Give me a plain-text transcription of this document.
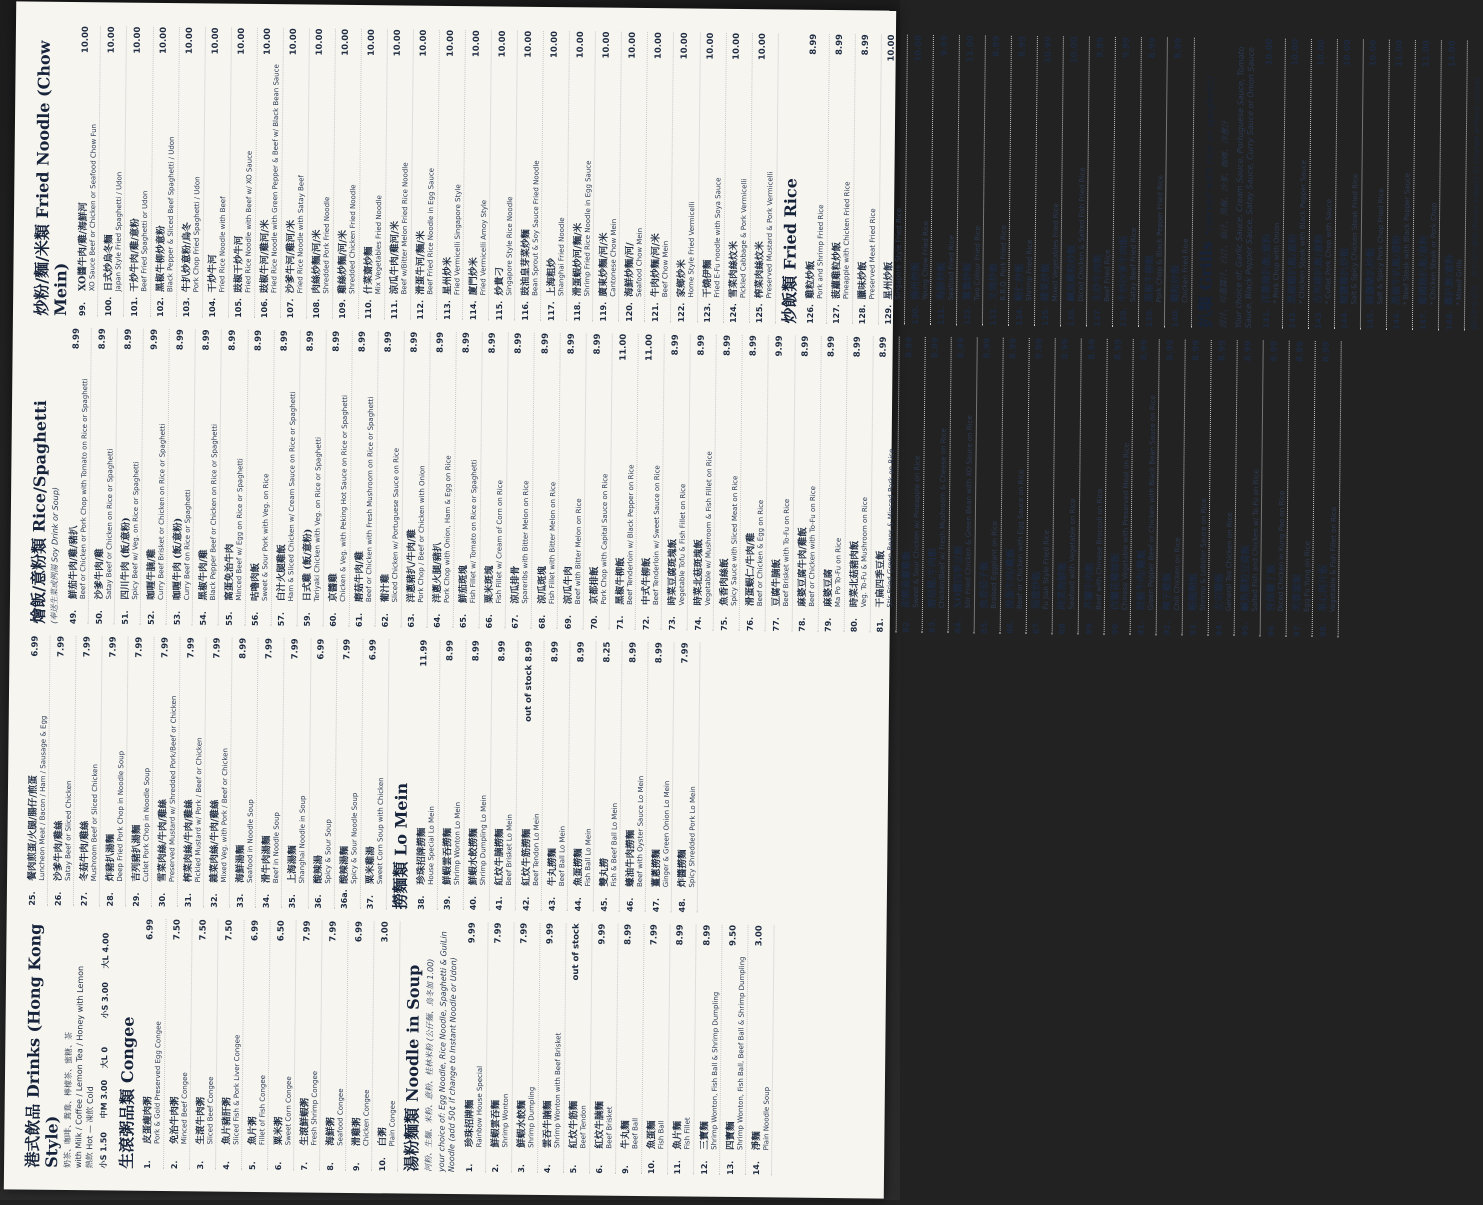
港式飲品 Drinks (Hong Kong Style) 奶茶、咖啡、鴛鴦、檸檬茶、蜜糖、茶 with Milk / Coffee / Lemon Tea / Honey with Lemon 熱飲 Hot — 凍飲 Cold
小S 1.50
中M 3.00
大L 0
小S 3.00
大L 4.00
生滾粥品類 Congee 1.
皮蛋瘦肉粥
6.99
Pork & Gold Preserved Egg Congee
2.
免治牛肉粥
7.50
Minced Beef Congee
3.
生滾牛肉粥
7.50
Sliced Beef Congee
4.
魚片豬肝粥
7.50
Sliced Fish & Pork Liver Congee
5.
魚片粥
6.99
Fillet of Fish Congee
6.
粟米粥
6.50
Sweet Corn Congee
7.
生滾鮮蝦粥
7.99
Fresh Shrimp Congee
8.
海鮮粥
7.99
Seafood Congee
9.
滑雞粥
6.99
Chicken Congee
10.
白粥
3.00
Plain Congee 湯粉麵類 Noodle in Soup 河粉、生麵、米粉、意粉、桂林米粉 (公仔麵、烏冬加 1.00) your choice of: Egg Noodle, Rice Noodle, Spaghetti & GuiLin Noodle (add 50¢ if change to Instant Noodle or Udon) 1.
珍珠招牌麵
9.99
Rainbow House Special
2.
鮮蝦雲吞麵
7.99
Shrimp Wonton
3.
鮮蝦水餃麵
7.99
Shrimp Dumpling
4.
雲吞牛腩麵
9.99
Shrimp Wonton with Beef Brisket
5.
紅炆牛筋麵
out of stock
Beef Tendon
6.
紅炆牛腩麵
9.99
Beef Brisket
9.
牛丸麵
8.99
Beef Ball
10.
魚蛋麵
7.99
Fish Ball
11.
魚片麵
8.99
Fish Fillet
12.
三寶麵
8.99
Shrimp Wonton, Fish Ball & Shrimp Dumpling
13.
四寶麵
9.50
Shrimp Wonton, Fish Ball, Beef Ball & Shrimp Dumpling
14.
淨麵
3.00
Plain Noodle Soup
25.
餐肉煎蛋/火腿/腸仔/煎蛋
6.99
Luncheon Meat / Bacon / Ham / Sausage & Egg
26.
沙爹牛肉/雞絲
7.99
Satay Beef or Sliced Chicken
27.
冬菇牛肉/雞絲
7.99
Mushroom Beef or Sliced Chicken
28.
炸豬扒湯麵
7.99
Deep Fried Pork Chop in Noodle Soup
29.
吉列豬扒湯麵
7.99
Cutlet Pork Chop in Noodle Soup
30.
雪菜肉絲/牛肉/雞絲
7.99
Preserved Mustard w/ Shredded Pork/Beef or Chicken
31.
榨菜肉絲/牛肉/雞絲
7.99
Pickled Mustard w/ Pork / Beef or Chicken
32.
雜菜肉絲/牛肉/雞絲
7.99
Mixed Veg. with Pork / Beef or Chicken
33.
海鮮湯麵
8.99
Seafood in Noodle Soup
34.
滑牛肉湯麵
7.99
Beef in Noodle Soup
35.
上海湯麵
7.99
Shanghai Noodle in Soup
36.
酸辣湯
6.99
Spicy & Sour Soup
36a.
酸辣湯麵
7.99
Spicy & Sour Noodle Soup
37.
粟米雞湯
6.99
Sweet Corn Soup with Chicken 撈麵類 Lo Mein 38.
珍珠招牌撈麵
11.99
House Special Lo Mein
39.
鮮蝦雲吞撈麵
8.99
Shrimp Wonton Lo Mein
40.
鮮蝦水餃撈麵
8.99
Shrimp Dumpling Lo Mein
41.
紅炆牛腩撈麵
8.99
Beef Brisket Lo Mein
42.
紅炆牛筋撈麵
out of stock 8.99
Beef Tendon Lo Mein
43.
牛丸撈麵
8.99
Beef Ball Lo Mein
44.
魚蛋撈麵
8.99
Fish Ball Lo Mein
45.
雙丸撈
8.25
Fish & Beef Ball Lo Mein
46.
蠔油牛肉撈麵
8.99
Beef with Oyster Sauce Lo Mein
47.
薑蔥撈麵
8.99
Ginger & Green Onion Lo Mein
48.
炸醬撈麵
7.99
Spicy Shredded Pork Lo Mein
燴飯/意粉類 Rice/Spaghetti (奉送生菜或例湯 Soy Drink or Soup)	49.
鮮茄牛肉/雞/豬扒
8.99
Beef or Chicken or Pork Chop with Tomato on Rice or Spaghetti
50.
沙爹牛肉/雞
8.99
Satay Beef or Chicken on Rice or Spaghetti
51.
四川牛肉 (飯/意粉)
8.99
Spicy Beef w/ Veg. on Rice or Spaghetti
52.
咖喱牛腩/雞
9.99
Curry Beef Brisket or Chicken on Rice or Spaghetti
53.
咖喱牛肉 (飯/意粉)
8.99
Curry Beef on Rice or Spaghetti
54.
黑椒牛肉/雞
8.99
Black Pepper Beef or Chicken on Rice or Spaghetti
55.
窩蛋免治牛肉
8.99
Minced Beef w/ Egg on Rice or Spaghetti
56.
咕嚕肉飯
8.99
Sweet & Sour Pork with Veg. on Rice
57.
白汁火腿雞飯
8.99
Ham & Sliced Chicken w/ Cream Sauce on Rice or Spaghetti
59.
日式雞 (飯/意粉)
8.99
Teriyaki Chicken with Veg. on Rice or Spaghetti
60.
京醬雞
8.99
Chicken & Veg. with Peking Hot Sauce on Rice or Spaghetti
61.
磨菇牛肉/雞
8.99
Beef or Chicken with Fresh Mushroom on Rice or Spaghetti
62.
葡汁雞
8.99
Sliced Chicken w/ Portuguese Sauce on Rice
63.
洋蔥豬扒/牛肉/雞
8.99
Pork Chop / Beef or Chicken with Onion
64.
洋蔥火腿/豬扒
8.99
Pork Chop with Onion, Ham & Egg on Rice
65.
鮮茄斑塊
8.99
Fish Fillet w/ Tomato on Rice or Spaghetti
66.
粟米斑塊
8.99
Fish Fillet w/ Cream of Corn on Rice
67.
涼瓜排骨
8.99
Spareribs with Bitter Melon on Rice
68.
涼瓜斑塊
8.99
Fish Fillet with Bitter Melon on Rice
69.
涼瓜牛肉
8.99
Beef with Bitter Melon on Rice
70.
京都排飯
8.99
Pork Chop with Capital Sauce on Rice
71.
黑椒牛柳飯
11.00
Beef Tenderloin w/ Black Pepper on Rice
72.
中式牛柳飯
11.00
Beef Tenderloin w/ Sweet Sauce on Rice
73.
時菜豆腐斑塊飯
8.99
Vegetable Tofu & Fish Fillet on Rice
74.
時菜北菇斑塊飯
8.99
Vegetable w/ Mushroom & Fish Fillet on Rice
75.
魚香肉絲飯
8.99
Spicy Sauce with Sliced Meat on Rice
76.
滑蛋蝦仁/牛肉/雞
8.99
Beef or Chicken & Egg on Rice
77.
豆腐牛腩飯
9.99
Beef Brisket with To-Fu on Rice
78.
麻婆豆腐牛肉/雞飯
8.99
Beef or Chicken with To-Fu on Rice
79.
麻婆豆腐
8.99
Ma Po To-Fu on Rice
80.
時菜北菇豬肉飯
8.99
Veg. To-Fu & Mushroom on Rice
81.
干扁四季豆飯
8.99
Stir Fried Green Beans & Minced Pork on Rice
82.
甜酸菠蘿雞飯
8.99
Sweet & Sour Chicken w/ Pineapple on Rice
83.
磨菇雞/牛肉飯
8.99
Chicken/Beef w/ Fresh Mushroom & Cheese on Rice
84.
XO醬四季豆飯
8.99
Stir Fried Chicken & Green Bean with XO Sauce on Rice
85.
魚香茄子飯
8.99
Braised Eggplant on Rice
86.
滑蛋牛肉/雞飯
8.99
Beef or Chicken with Egg Sauce on Rice
87.
福建炒飯
9.99
Fu Jian Style Fried Rice
88.
時菜海鮮飯
8.99
Seafood with Vegetable on Rice
89.
芥蘭牛肉飯
8.99
Beef with Chinese Broccoli on Rice
90.
西蘭花雞球飯
8.99
Chinese Vegetable with Preserved Meat on Rice
91.
豉椒牛肉/雞飯
8.99
Green Pepper Beef or Chicken with Black Bean Sauce on Rice
92.
辣子雞飯
8.99
Chili Chicken on Rice
93.
蝦龍糊飯
8.99
Shrimp & Lobster Sauce on Rice
94.
左宗雞飯
8.99
General Tso Chicken on Rice
95.
鹹魚雞粒豆腐飯
8.99
Salted Fish and Chicken w/ To-Fu on Rice
96.
宮保雞丁飯
8.99
Diced Chicken in Kung Pao on Rice
97.
芙蓉蛋飯
8.99
Egg Fu Yung on Rice
98.
菜心斑片飯
8.99
Vegetable & Fish Fillet on Rice
炒粉/麵/米類 Fried Noodle (Chow Mein) 99.
XO醬牛肉/雞/海鮮河
10.00
XO Sauce Beef or Chicken or Seafood Chow Fun
100.
日式炒烏冬麵
10.00
Japan Style Fried Spaghetti / Udon
101.
干炒牛肉/雞/意粉
10.00
Beef Fried Spaghetti or Udon
102.
黑椒牛柳炒意粉
10.00
Black Pepper & Sliced Beef Spaghetti / Udon
103.
牛扒炒意粉/烏冬
10.00
Pork Chop Fried Spaghetti / Udon
104.
干炒牛河
10.00
Fried Rice Noodle with Beef
105.
豉椒干炒牛河
10.00
Fried Rice Noodle with Beef w/ XO Sauce
106.
豉椒牛河/雞河/米
10.00
Fried Rice Noodle with Green Pepper & Beef w/ Black Bean Sauce
107.
沙爹牛河/雞河/米
10.00
Fried Rice Noodle with Satay Beef
108.
肉絲炒麵/河/米
10.00
Shredded Pork Fried Noodle
109.
雞絲炒麵/河/米
10.00
Shredded Chicken Fried Noodle
110.
什菜齋炒麵
10.00
Mix Vegetables Fried Noodle
111.
涼瓜牛肉/雞河/米
10.00
Beef w/Bitter Melon Fried Rice Noodle
112.
滑蛋牛河/麵/米
10.00
Beef Fried Rice Noodle in Egg Sauce
113.
星州炒米
10.00
Fried Vermicelli Singapore Style
114.
廈門炒米
10.00
Fried Vermicelli Amoy Style
115.
炒貴刁
10.00
Singapore Style Rice Noodle
116.
豉油皇芽菜炒麵
10.00
Bean Sprout & Soy Sauce Fried Noodle
117.
上海粗炒
10.00
Shanghai Fried Noodle
118.
滑蛋蝦炒河/麵/米
10.00
Shrimp Fried Rice Noodle in Egg Sauce
119.
廣東炒麵/河/米
10.00
Cantonese Chow Mein
120.
海鮮炒麵/河/
10.00
Seafood Chow Mein
121.
牛肉炒麵/河/米
10.00
Beef Chow Mein
122.
家鄉炒米
10.00
Home Style Fried Vermicelli
123.
干燒伊麵
10.00
Fried E-Fu noodle with Soya Sauce
124.
雪菜肉絲炆米
10.00
Pickled Cabbage & Pork Vermicelli
125.
榨菜肉絲炆米
10.00
Preserved Mustard & Pork Vermicelli 炒飯類 Fried Rice 126.
雞粒炒飯
8.99
Pork and Shrimp Fried Rice
127.
菠蘿雞粒炒飯
8.99
Pineapple with Chicken Fried Rice
128.
臘味炒飯
8.99
Preserved Meat Fried Rice
129.
星州炒飯
10.00
Singapore Style Fried Rice
130.
揚州炒飯
10.00
Yeung Chow Fried Rice
131.
海鮮炒飯
9.99
Seafood Fried Rice
132.
鴛鴦炒飯
11.00
Two Colour Fried Rice
133.
叉燒炒飯
8.99
B.B.Q. Pork Fried Rice
134.
蝦仁炒飯
8.99
Shrimp Fried Rice
135.
雜菜炒飯
10.99
Mixed Vegetables Fried Rice
136.
鹹魚雞粒炒飯
10.00
Diced Chicken & Salted Fish Fried Rice
137.
生炒牛肉飯
9.99
Beef Fried Rice
138.
牛炒沙爹牛肉飯
9.99
Satay Beef Fried Rice
139.
黑椒牛柳飯
8.99
Pork Chop & Black Pepper Fried Rice
140.
雞粒炒飯
8.99
Chicken Fried Rice 扒類 Grills *(served with rice or spaghetti) 豉汁、可選醬汁、白汁、茄汁、黑椒、沙爹、咖喱、洋蔥汁 Your choice of: Garlic Sauce, Cream Sauce, Portuguese Sauce, Tomato Sauce, Black Pepper Sauce, Satay Sauce, Curry Sauce or Onion Sauce 141.
洋蔥豬扒飯/意粉
10.00
* Pork Chop with Onion
142.
黑椒雞扒飯/意粉
10.00
* Chicken Steak with Black Pepper Sauce
143.
吉列豬扒飯/意粉
10.00
* Cutlet Pork Chop with Sauce
144.
椒鹽雞扒炒飯
10.00
Salt & Spicy Chicken Steak Fried Rice
145.
椒鹽豬扒炒飯
10.00
Salt & Spicy Pork Chop Fried Rice
146.
黑椒牛扒飯/意粉
11.00
* Beef Steak with Black Pepper Sauce
147.
葡國豬扒飯/意粉
11.00
* Chicken Steak or Pork Chop
148.
雞扒飯/意粉
14.00
* Mixed Grills 價目如有更改，恕不另行通知 (Prices subject to change without notice)
